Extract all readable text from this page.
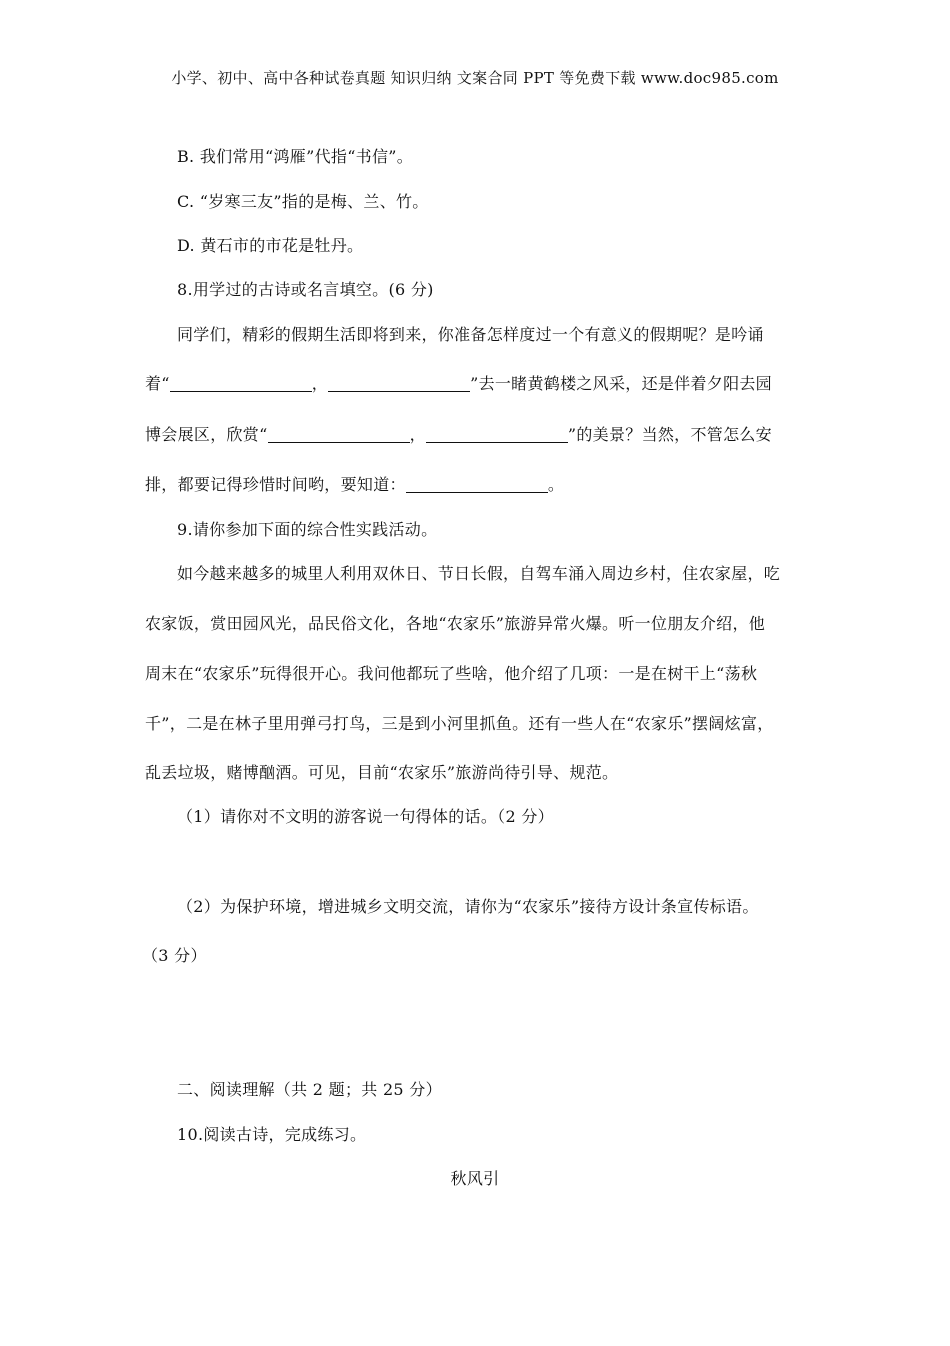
小学、初中、高中各种试卷真题 知识归纳 文案合同 PPT 等免费下载 www.doc985.com
B. 我们常用“鸿雁”代指“书信”。
C. “岁寒三友”指的是梅、兰、竹。
D. 黄石市的市花是牡丹。
8.用学过的古诗或名言填空。(6 分)
同学们，精彩的假期生活即将到来，你准备怎样度过一个有意义的假期呢？是吟诵
着“	，	”去一睹黄鹤楼之风采，还是伴着夕阳去园
博会展区，欣赏“	，	”的美景？当然，不管怎么安
排，都要记得珍惜时间哟，要知道：	。
9.请你参加下面的综合性实践活动。
如今越来越多的城里人利用双休日、节日长假，自驾车涌入周边乡村，住农家屋，吃
农家饭，赏田园风光，品民俗文化，各地“农家乐”旅游异常火爆。听一位朋友介绍，他
周末在“农家乐”玩得很开心。我问他都玩了些啥，他介绍了几项：一是在树干上“荡秋
千”，二是在林子里用弹弓打鸟，三是到小河里抓鱼。还有一些人在“农家乐”摆阔炫富，
乱丢垃圾，赌博酗酒。可见，目前“农家乐”旅游尚待引导、规范。
（1）请你对不文明的游客说一句得体的话。（2 分）
（2）为保护环境，增进城乡文明交流，请你为“农家乐”接待方设计条宣传标语。
（3 分）
二、阅读理解（共 2 题；共 25 分）
10.阅读古诗，完成练习。
秋风引
